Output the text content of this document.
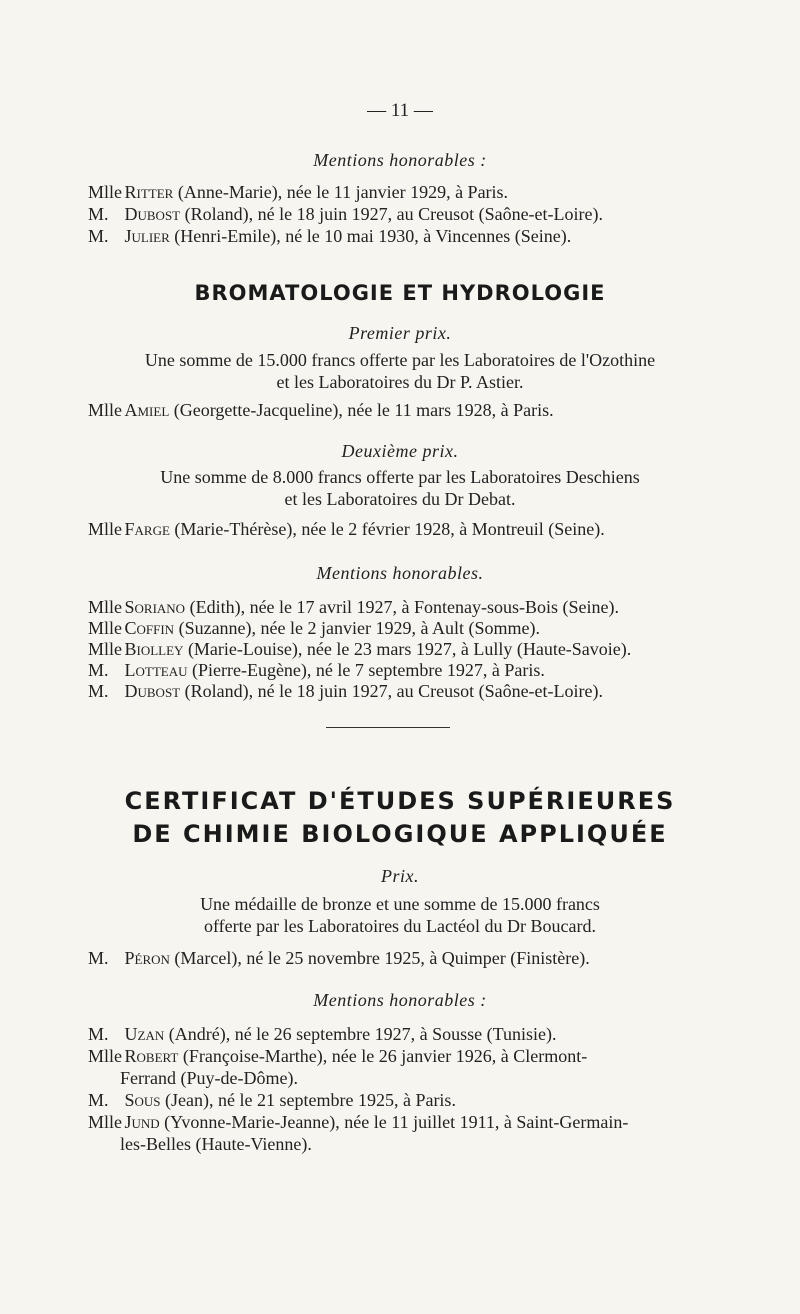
— 11 —
Mentions honorables :
Mlle Ritter (Anne-Marie), née le 11 janvier 1929, à Paris.
M. Dubost (Roland), né le 18 juin 1927, au Creusot (Saône-et-Loire).
M. Julier (Henri-Emile), né le 10 mai 1930, à Vincennes (Seine).
BROMATOLOGIE ET HYDROLOGIE
Premier prix.
Une somme de 15.000 francs offerte par les Laboratoires de l'Ozothine
et les Laboratoires du Dr P. Astier.
Mlle Amiel (Georgette-Jacqueline), née le 11 mars 1928, à Paris.
Deuxième prix.
Une somme de 8.000 francs offerte par les Laboratoires Deschiens
et les Laboratoires du Dr Debat.
Mlle Farge (Marie-Thérèse), née le 2 février 1928, à Montreuil (Seine).
Mentions honorables.
Mlle Soriano (Edith), née le 17 avril 1927, à Fontenay-sous-Bois (Seine).
Mlle Coffin (Suzanne), née le 2 janvier 1929, à Ault (Somme).
Mlle Biolley (Marie-Louise), née le 23 mars 1927, à Lully (Haute-Savoie).
M. Lotteau (Pierre-Eugène), né le 7 septembre 1927, à Paris.
M. Dubost (Roland), né le 18 juin 1927, au Creusot (Saône-et-Loire).
CERTIFICAT D'ÉTUDES SUPÉRIEURES
DE CHIMIE BIOLOGIQUE APPLIQUÉE
Prix.
Une médaille de bronze et une somme de 15.000 francs
offerte par les Laboratoires du Lactéol du Dr Boucard.
M. Péron (Marcel), né le 25 novembre 1925, à Quimper (Finistère).
Mentions honorables :
M. Uzan (André), né le 26 septembre 1927, à Sousse (Tunisie).
Mlle Robert (Françoise-Marthe), née le 26 janvier 1926, à Clermont-
Ferrand (Puy-de-Dôme).
M. Sous (Jean), né le 21 septembre 1925, à Paris.
Mlle Jund (Yvonne-Marie-Jeanne), née le 11 juillet 1911, à Saint-Germain-
les-Belles (Haute-Vienne).
